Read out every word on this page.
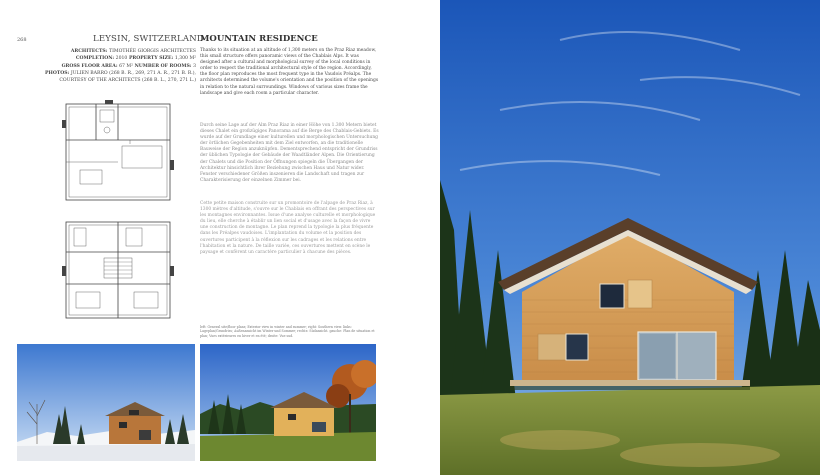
268	LEYSIN, SWITZERLAND
MOUNTAIN RESIDENCE
ARCHITECTS: TIMOTHÉE GIORGIS ARCHITECTES
COMPLETION: 2010 PROPERTY SIZE: 1,300 M²
GROSS FLOOR AREA: 67 M² NUMBER OF ROOMS: 3
PHOTOS: JULIEN BARRO (268 B. R., 269, 271 A. R., 271 B. R.),
COURTESY OF THE ARCHITECTS (268 B. L., 270, 271 L.)
Thanks to its situation at an altitude of 1,300 meters on the Praz Riaz meadow, this small structure offers panoramic views of the Chablais Alps. It was designed after a cultural and morphological survey of the local conditions in order to respect the traditional architectural style of the region. Accordingly, the floor plan reproduces the most frequent type in the Vaudois Préalps. The architects determined the volume's orientation and the position of the openings in relation to the natural surroundings. Windows of various sizes frame the landscape and give each room a particular character.
Durch seine Lage auf der Alm Praz Riaz in einer Höhe von 1.300 Metern bietet dieses Chalet ein großzügiges Panorama auf die Berge des Chablais-Gebiets. Es wurde auf der Grundlage einer kulturellen und morphologischen Untersuchung der örtlichen Gegebenheiten mit dem Ziel entworfen, an die traditionelle Bauweise der Region anzuknüpfen. Dementsprechend entspricht der Grundriss der üblichen Typologie der Gebäude der Waadtländer Alpen. Die Orientierung der Chalets und die Position der Öffnungen spiegeln die Übergangen der Architektur hinsichtlich ihrer Beziehung zwischen Haus und Natur wider. Fenster verschiedener Größen inszenieren die Landschaft und tragen zur Charakterisierung der einzelnen Zimmer bei.
Cette petite maison construite sur un promontoire de l'alpage de Praz Riaz, à 1300 mètres d'altitude, s'ouvre sur le Chablais en offrant des perspectives sur les montagnes environnantes. Issue d'une analyse culturelle et morphologique du lieu, elle cherche à établir un lien social et d'usage avec la façon de vivre une construction de montagne. Le plan reprend la typologie la plus fréquente dans les Préalpes vaudoises. L'implantation du volume et la position des ouvertures participent à la réflexion sur les cadrages et les relations entre l'habitation et la nature. De taille variée, ces ouvertures mettent en scène le paysage et confèrent un caractère particulier à chacune des pièces.
left: General site/floor plans; Exterior view in winter and summer; right: Southern view. links: Lageplan/Grundriss; Außenansicht im Winter und Sommer; rechts: Südansicht. gauche: Plan de situation et plan; Vues extérieures en hiver et en été; droite: Vue sud.
